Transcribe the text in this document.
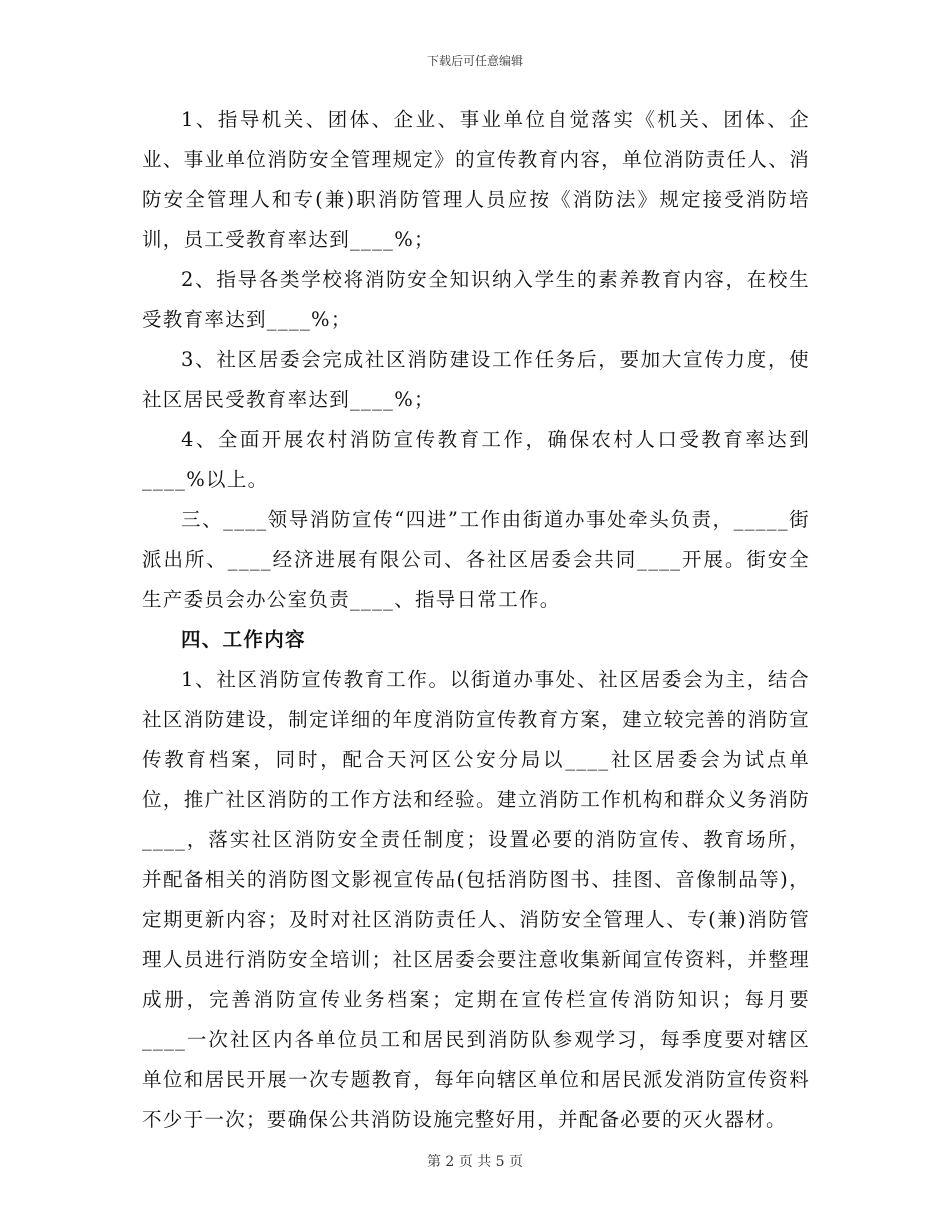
下载后可任意编辑

1、指导机关、团体、企业、事业单位自觉落实《机关、团体、企业、事业单位消防安全管理规定》的宣传教育内容，单位消防责任人、消防安全管理人和专(兼)职消防管理人员应按《消防法》规定接受消防培训，员工受教育率达到____%；

2、指导各类学校将消防安全知识纳入学生的素养教育内容，在校生受教育率达到____%；

3、社区居委会完成社区消防建设工作任务后，要加大宣传力度，使社区居民受教育率达到____%；

4、全面开展农村消防宣传教育工作，确保农村人口受教育率达到____%以上。

三、____领导消防宣传“四进”工作由街道办事处牵头负责，_____街派出所、____经济进展有限公司、各社区居委会共同____开展。街安全生产委员会办公室负责____、指导日常工作。

四、工作内容

1、社区消防宣传教育工作。以街道办事处、社区居委会为主，结合社区消防建设，制定详细的年度消防宣传教育方案，建立较完善的消防宣传教育档案，同时，配合天河区公安分局以____社区居委会为试点单位，推广社区消防的工作方法和经验。建立消防工作机构和群众义务消防____，落实社区消防安全责任制度；设置必要的消防宣传、教育场所，并配备相关的消防图文影视宣传品(包括消防图书、挂图、音像制品等)，定期更新内容；及时对社区消防责任人、消防安全管理人、专(兼)消防管理人员进行消防安全培训；社区居委会要注意收集新闻宣传资料，并整理成册，完善消防宣传业务档案；定期在宣传栏宣传消防知识；每月要____一次社区内各单位员工和居民到消防队参观学习，每季度要对辖区单位和居民开展一次专题教育，每年向辖区单位和居民派发消防宣传资料不少于一次；要确保公共消防设施完整好用，并配备必要的灭火器材。

第 2 页 共 5 页
